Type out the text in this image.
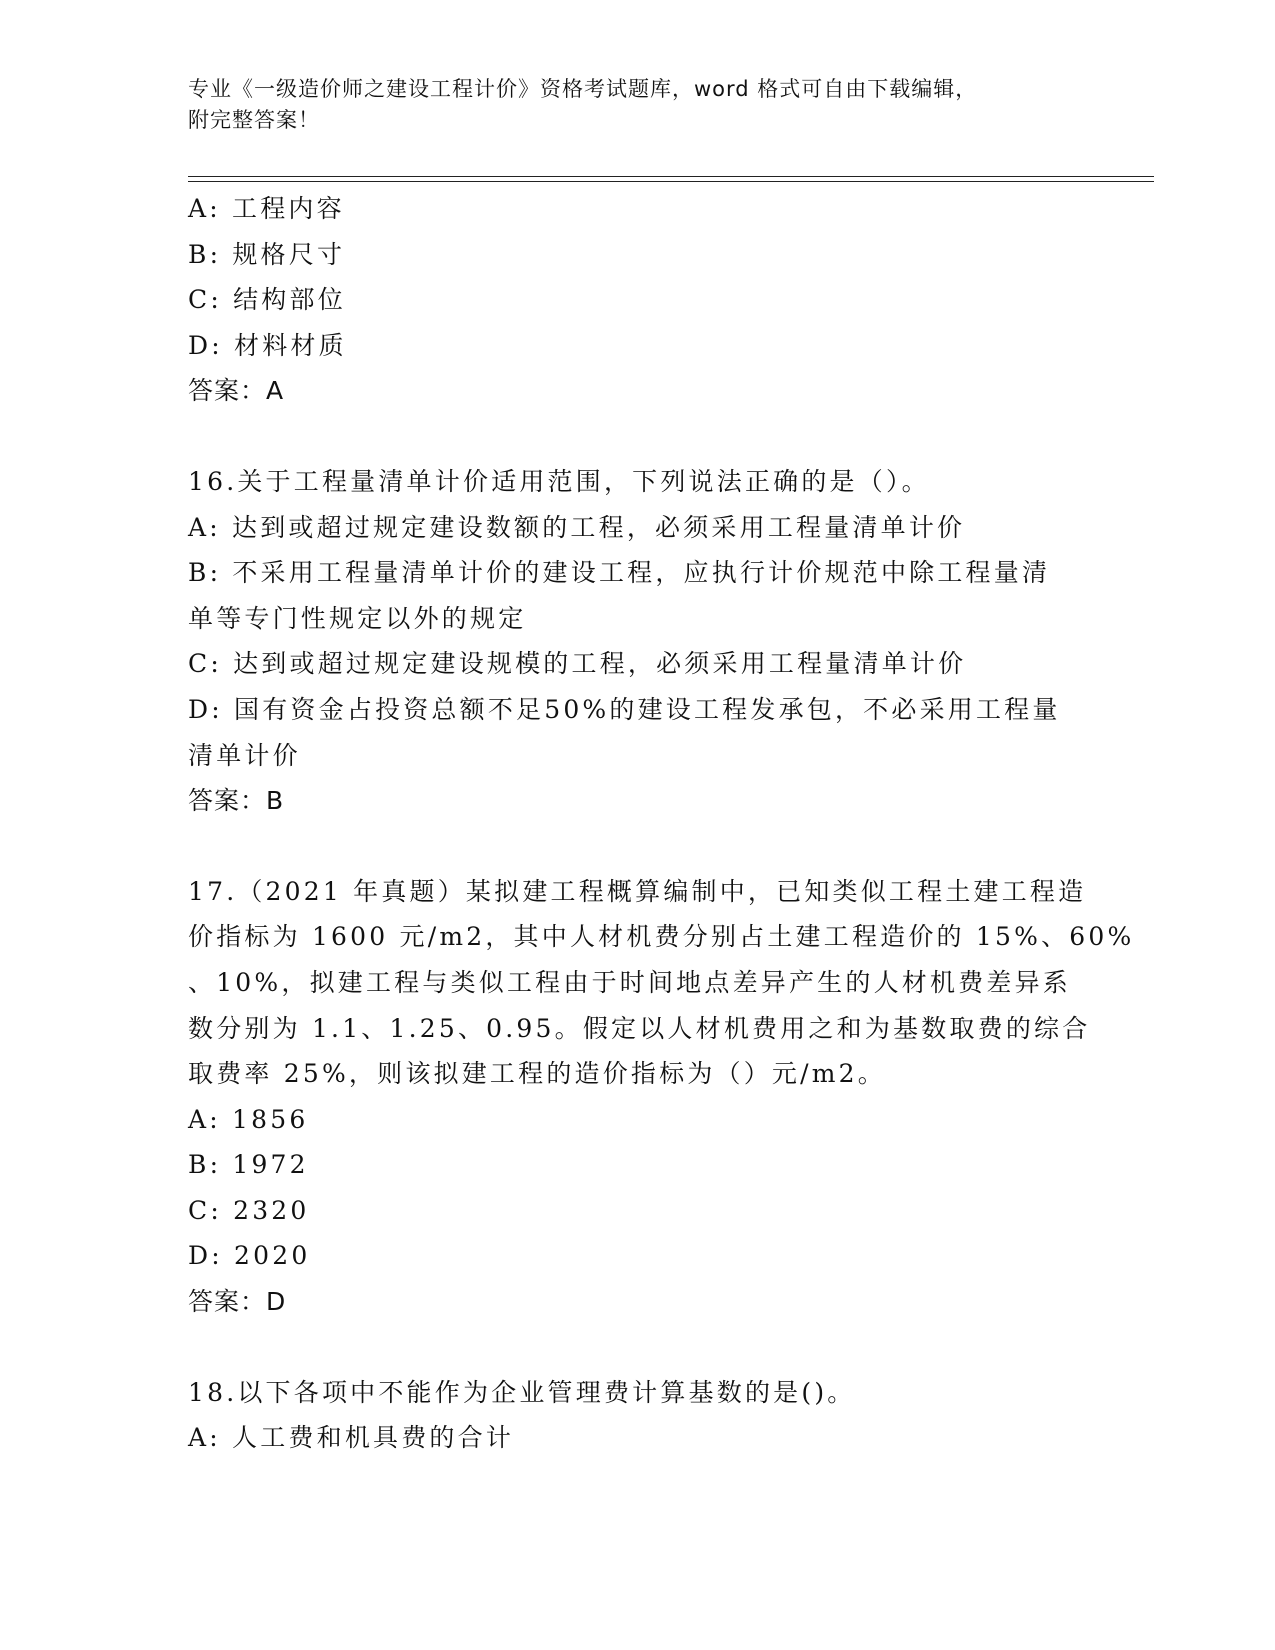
专业《一级造价师之建设工程计价》资格考试题库，word 格式可自由下载编辑，
附完整答案！

A: 工程内容

B: 规格尺寸

C: 结构部位

D: 材料材质

答案：A

16.关于工程量清单计价适用范围，下列说法正确的是（）。

A: 达到或超过规定建设数额的工程，必须采用工程量清单计价

B: 不采用工程量清单计价的建设工程，应执行计价规范中除工程量清

单等专门性规定以外的规定

C: 达到或超过规定建设规模的工程，必须采用工程量清单计价

D: 国有资金占投资总额不足50%的建设工程发承包，不必采用工程量

清单计价

答案：B

17.（2021 年真题）某拟建工程概算编制中，已知类似工程土建工程造

价指标为 1600 元/m2，其中人材机费分别占土建工程造价的 15%、60%

、10%，拟建工程与类似工程由于时间地点差异产生的人材机费差异系

数分别为 1.1、1.25、0.95。假定以人材机费用之和为基数取费的综合

取费率 25%，则该拟建工程的造价指标为（）元/m2。

A: 1856

B: 1972

C: 2320

D: 2020

答案：D

18.以下各项中不能作为企业管理费计算基数的是()。

A: 人工费和机具费的合计
